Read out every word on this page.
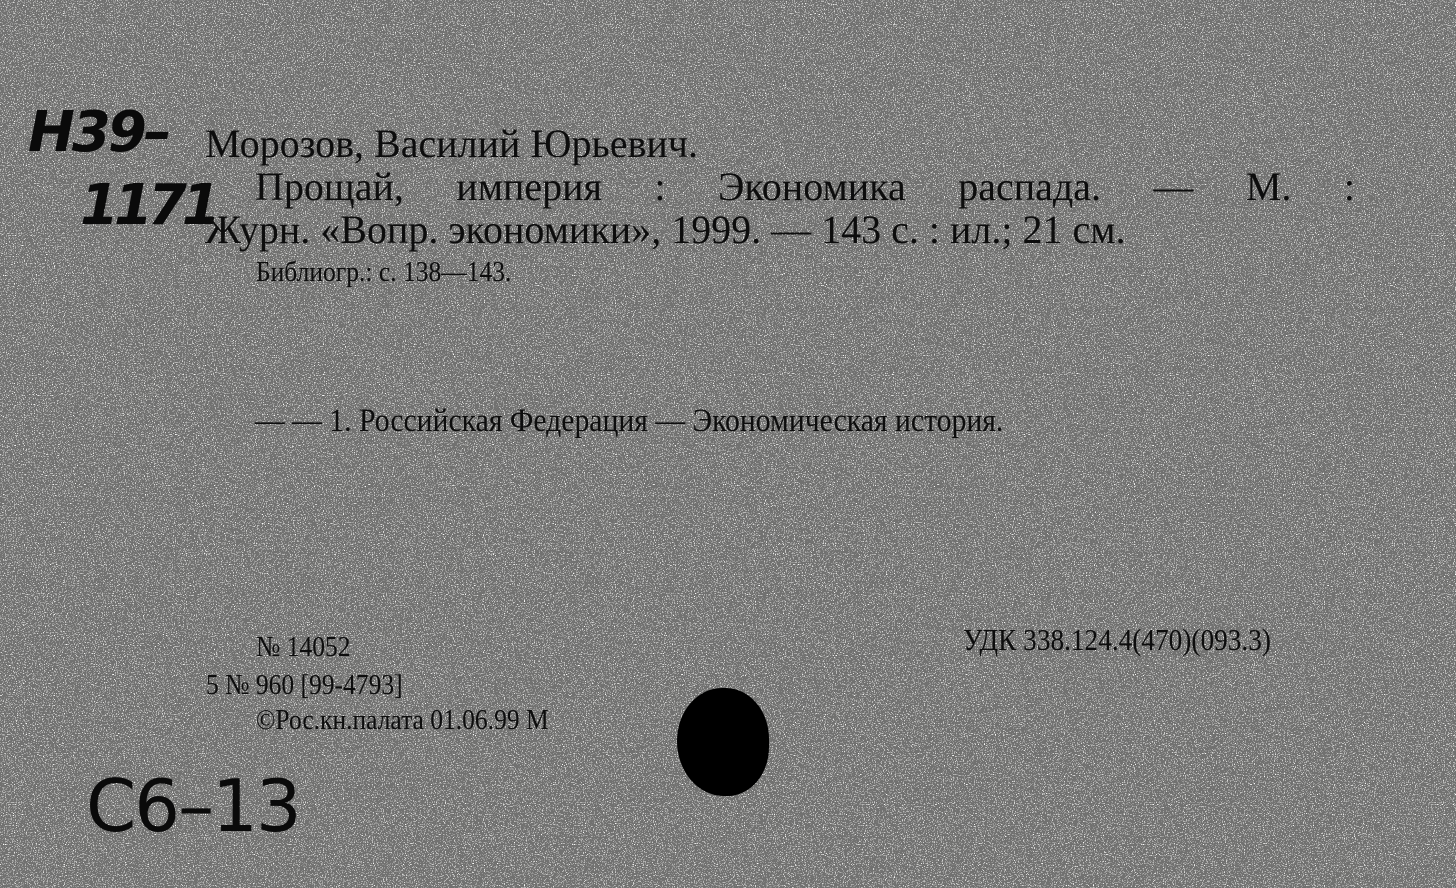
Н39–
1171
Морозов, Василий Юрьевич.
Прощай, империя : Экономика распада. — М. :
Журн. «Вопр. экономики», 1999. — 143 с. : ил.; 21 см.
Библиогр.: с. 138—143.
— — 1. Российская Федерация — Экономическая история.
№ 14052
5 № 960 [99-4793]
©Рос.кн.палата 01.06.99 М
УДК 338.124.4(470)(093.3)
С6–13
